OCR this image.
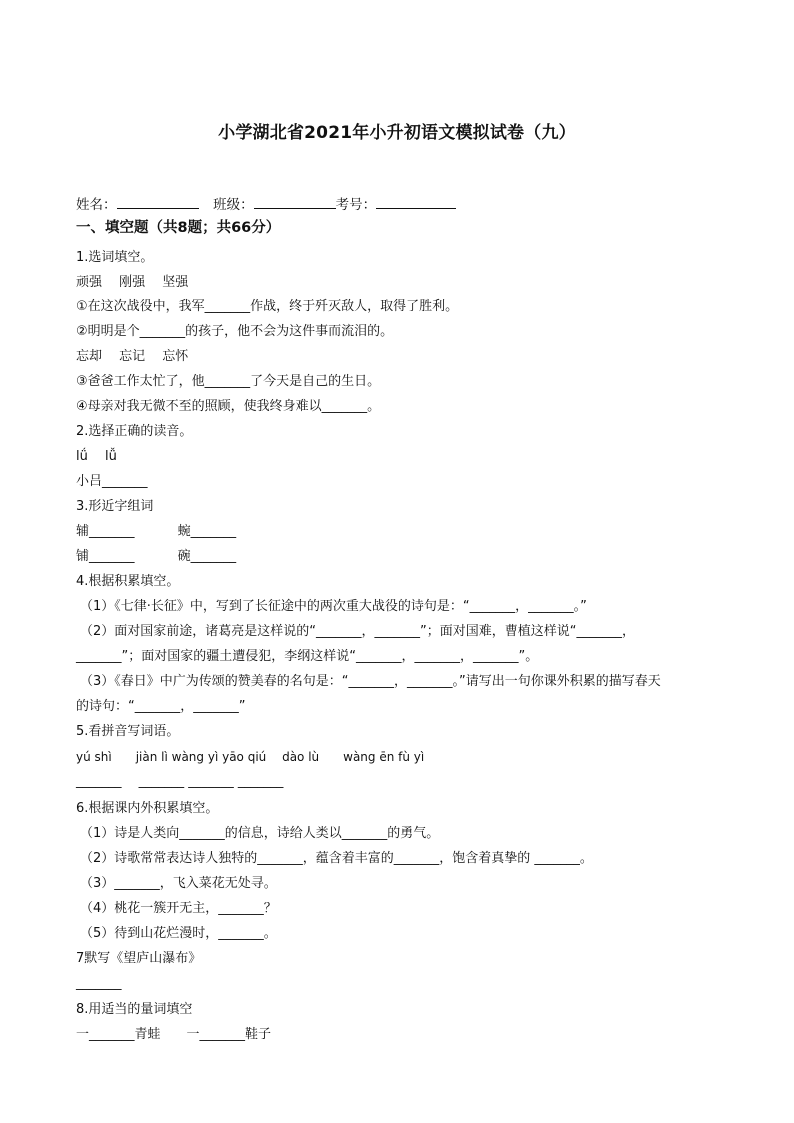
小学湖北省2021年小升初语文模拟试卷（九）
姓名：	班级：	考号：
一、填空题（共8题；共66分）
1.选词填空。
顽强　 刚强　 坚强
①在这次战役中，我军_______作战，终于歼灭敌人，取得了胜利。
②明明是个_______的孩子，他不会为这件事而流泪的。
忘却　 忘记　 忘怀
③爸爸工作太忙了，他_______了今天是自己的生日。
④母亲对我无微不至的照顾，使我终身难以_______。
2.选择正确的读音。
lǘ　 lǚ
小吕_______
3.形近字组词
辅_______　　　 蜿_______
铺_______　　　 碗_______
4.根据积累填空。
（1）《七律·长征》中，写到了长征途中的两次重大战役的诗句是：“_______，_______。”
（2）面对国家前途，诸葛亮是这样说的“_______，_______”；面对国难，曹植这样说“_______，
_______”；面对国家的疆土遭侵犯，李纲这样说“_______，_______，_______”。
（3）《春日》中广为传颂的赞美春的名句是：“_______，_______。”请写出一句你课外积累的描写春天
的诗句：“_______，_______”
5.看拼音写词语。
yú shì　　jiàn lì wàng yì yāo qiú　 dào lù　　wàng ēn fù yì
_______　 _______ _______ _______
6.根据课内外积累填空。
（1）诗是人类向_______的信息，诗给人类以_______的勇气。
（2）诗歌常常表达诗人独特的_______，蕴含着丰富的_______，饱含着真挚的 _______。
（3）_______，飞入菜花无处寻。
（4）桃花一簇开无主，_______？
（5）待到山花烂漫时，_______。
7默写《望庐山瀑布》
_______
8.用适当的量词填空
一_______青蛙　　一_______鞋子
